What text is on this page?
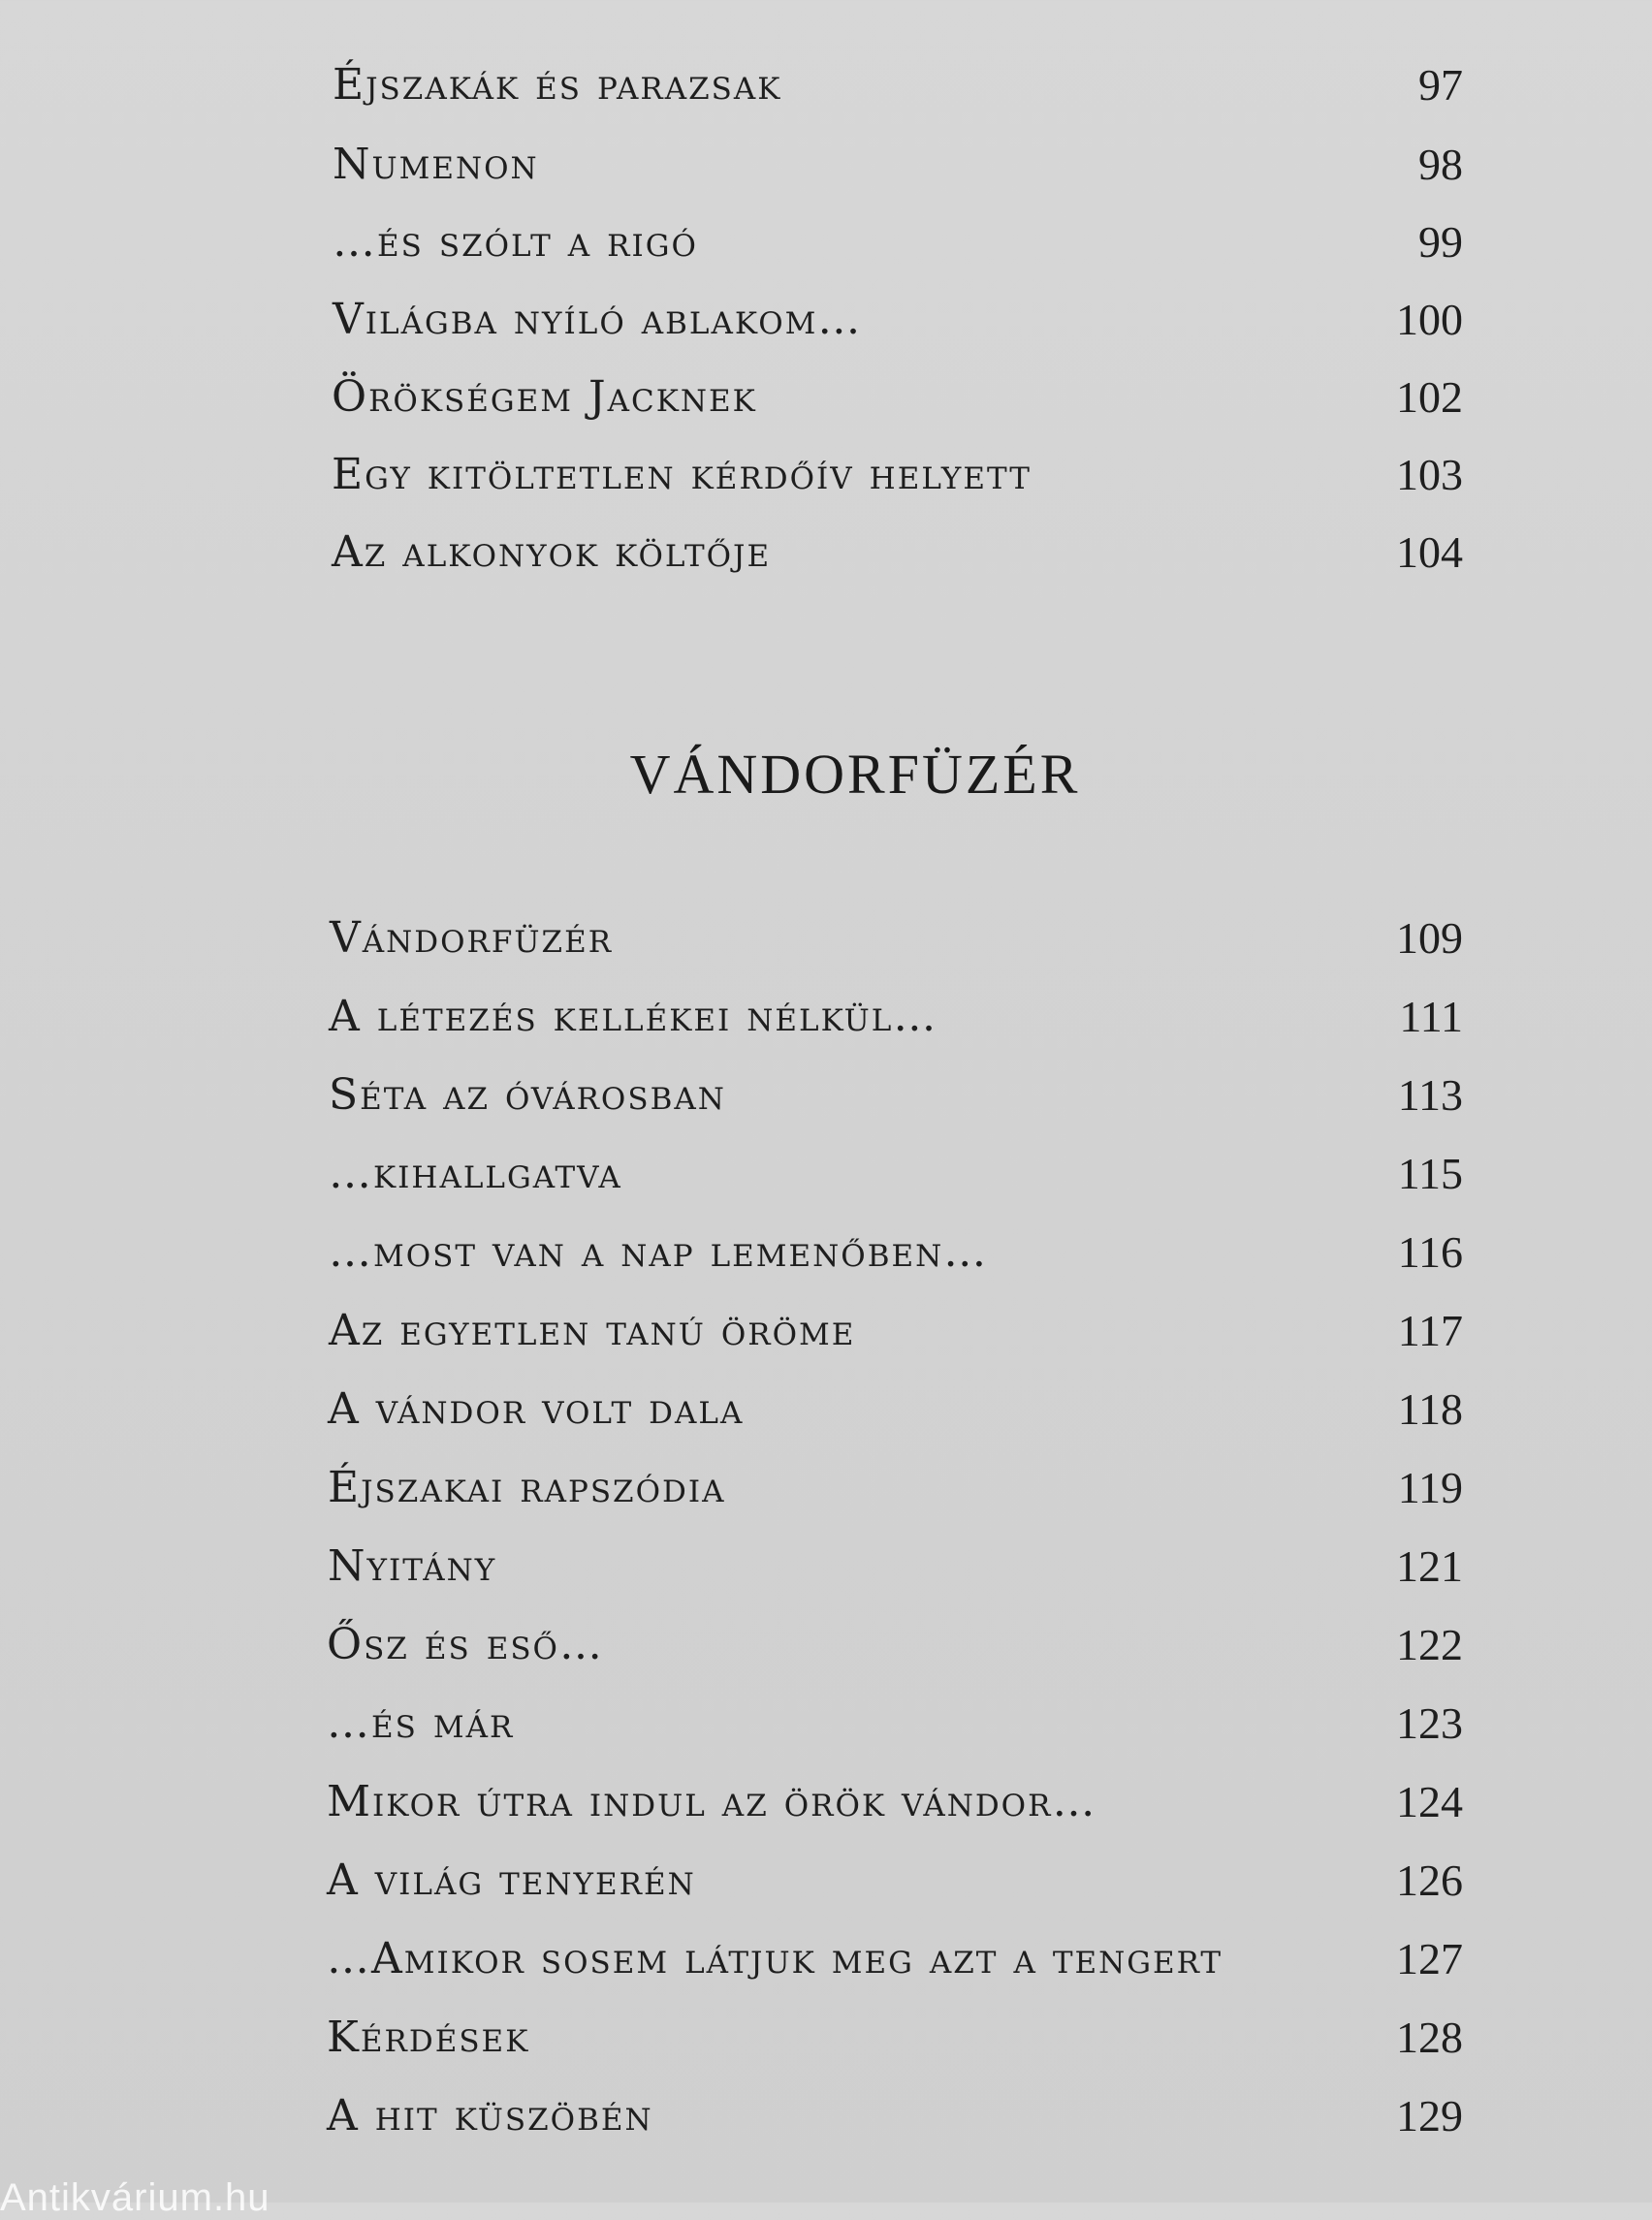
Éjszakák és parazsak	97
Numenon	98
…és szólt a rigó	99
Világba nyíló ablakom…	100
Örökségem Jacknek	102
Egy kitöltetlen kérdőív helyett	103
Az alkonyok költője	104
VÁNDORFÜZÉR
Vándorfüzér	109
A létezés kellékei nélkül…	111
Séta az óvárosban	113
…kihallgatva	115
…most van a nap lemenőben…	116
Az egyetlen tanú öröme	117
A vándor volt dala	118
Éjszakai rapszódia	119
Nyitány	121
Ősz és eső…	122
…és már	123
Mikor útra indul az örök vándor…	124
A világ tenyerén	126
…Amikor sosem látjuk meg azt a tengert	127
Kérdések	128
A hit küszöbén	129
Antikvárium.hu
